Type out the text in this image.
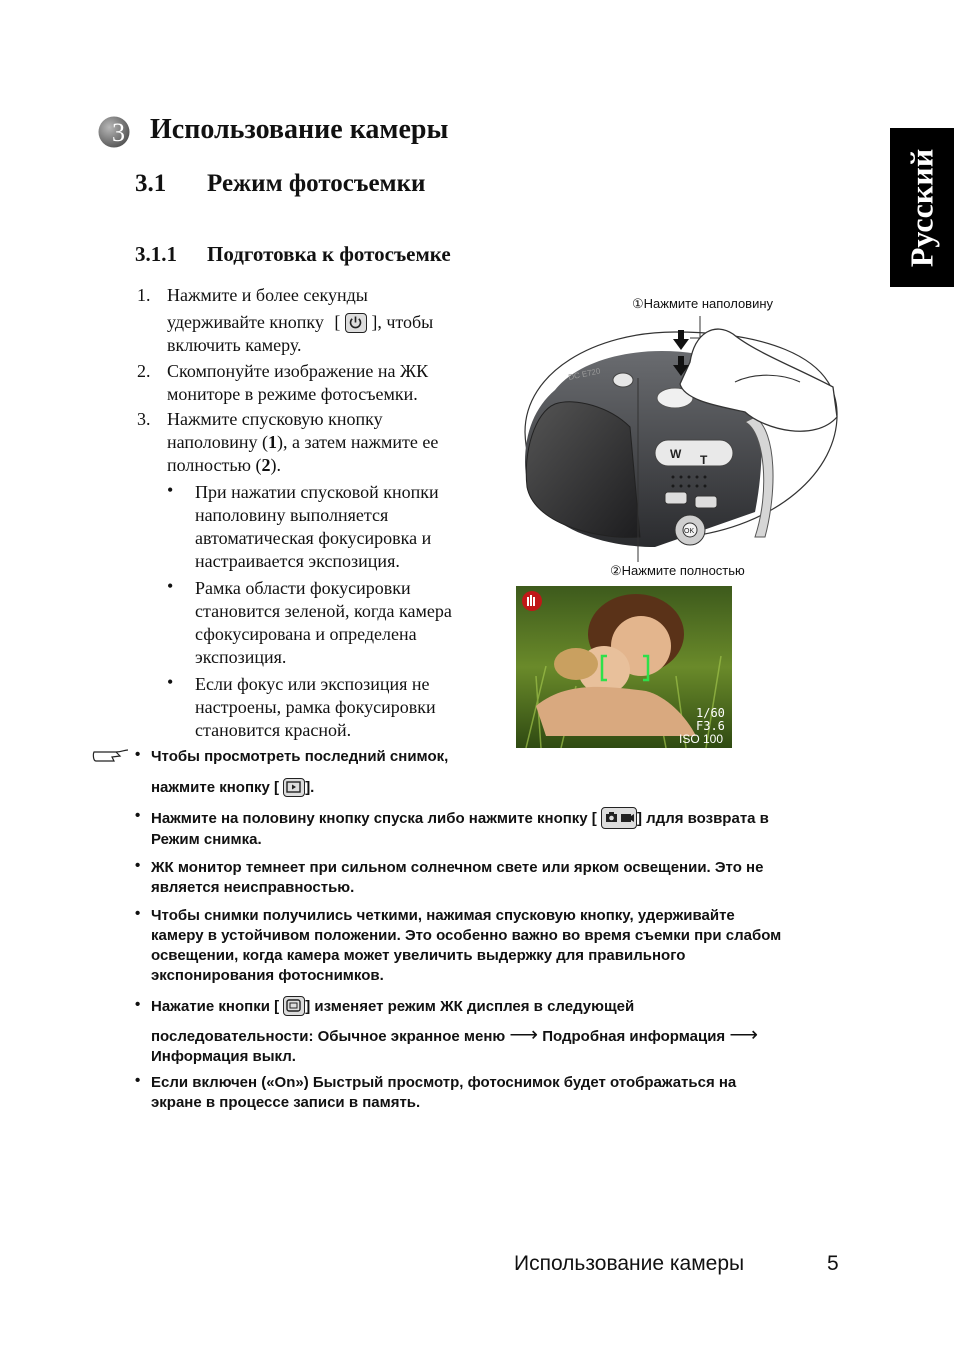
Русский
3 Использование камеры
3.1 Режим фотосъемки
3.1.1 Подготовка к фотосъемке
1. Нажмите и более секунды
удерживайте кнопку [ ], чтобы
включить камеру.
2. Скомпонуйте изображение на ЖК
мониторе в режиме фотосъемки.
3. Нажмите спусковую кнопку
наполовину (1), а затем нажмите ее
полностью (2).
• При нажатии спусковой кнопки
наполовину выполняется
автоматическая фокусировка и
настраивается экспозиция.
• Рамка области фокусировки
становится зеленой, когда камера
сфокусирована и определена
экспозиция.
• Если фокус или экспозиция не
настроены, рамка фокусировки
становится красной.
①Нажмите наполовину
W T
OK
DC E720
②Нажмите полностью
1/60
F3.6
ISO 100
• Чтобы просмотреть последний снимок,
нажмите кнопку [ ].
• Нажмите на половину кнопку спуска либо нажмите кнопку [	] лдля возврата в
Режим снимка.
• ЖК монитор темнеет при сильном солнечном свете или ярком освещении. Это не
является неисправностью.
• Чтобы снимки получились четкими, нажимая спусковую кнопку, удерживайте
камеру в устойчивом положении. Это особенно важно во время съемки при слабом
освещении, когда камера может увеличить выдержку для правильного
экспонирования фотоснимков.
• Нажатие кнопки [ ] изменяет режим ЖК дисплея в следующей
последовательности: Обычное экранное меню ⟶ Подробная информация ⟶
Информация выкл.
• Если включен («On») Быстрый просмотр, фотоснимок будет отображаться на
экране в процессе записи в память.
Использование камеры	5
